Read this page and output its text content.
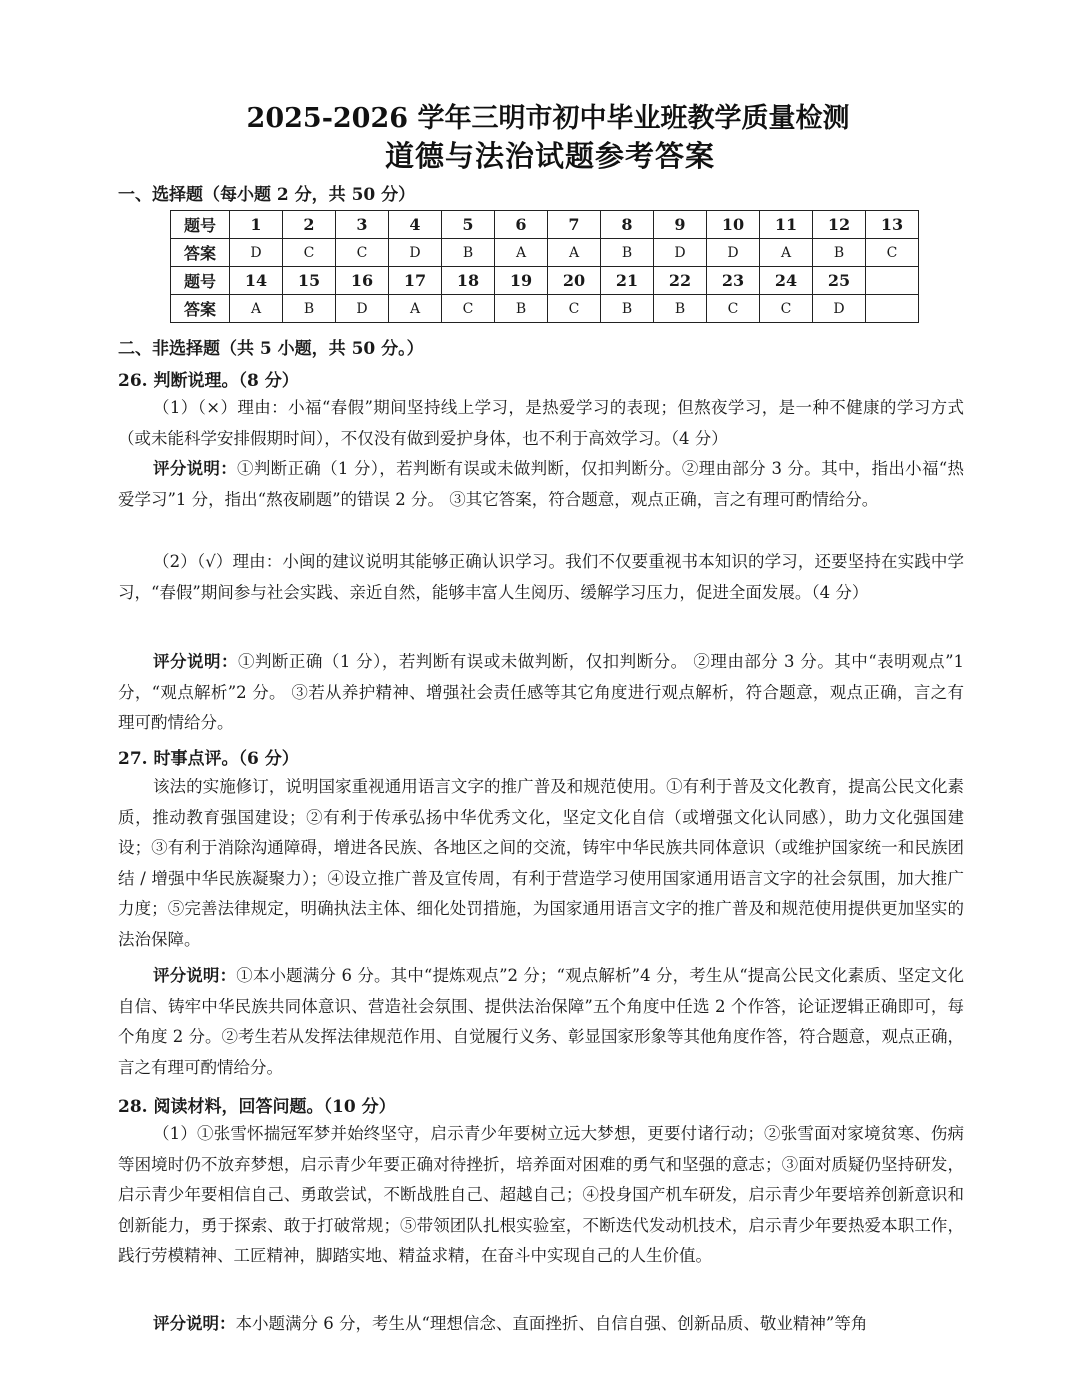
2025-2026 学年三明市初中毕业班教学质量检测
道德与法治试题参考答案
一、选择题（每小题 2 分，共 50 分）
题号	1	2	3	4	5	6	7	8	9	10	11	12	13
答案	D	C	C	D	B	A	A	B	D	D	A	B	C
题号	14	15	16	17	18	19	20	21	22	23	24	25	
答案	A	B	D	A	C	B	C	B	B	C	C	D	
二、非选择题（共 5 小题，共 50 分。）
26. 判断说理。（8 分）

（1）（×）理由：小福“春假”期间坚持线上学习，是热爱学习的表现；但熬夜学习，是一种不健康的学习方式（或未能科学安排假期时间），不仅没有做到爱护身体，也不利于高效学习。（4 分）

评分说明：①判断正确（1 分），若判断有误或未做判断，仅扣判断分。②理由部分 3 分。其中，指出小福“热爱学习”1 分，指出“熬夜刷题”的错误 2 分。 ③其它答案，符合题意，观点正确，言之有理可酌情给分。

（2）（√）理由：小闽的建议说明其能够正确认识学习。我们不仅要重视书本知识的学习，还要坚持在实践中学习，“春假”期间参与社会实践、亲近自然，能够丰富人生阅历、缓解学习压力，促进全面发展。（4 分）

评分说明：①判断正确（1 分），若判断有误或未做判断，仅扣判断分。 ②理由部分 3 分。其中“表明观点”1 分，“观点解析”2 分。 ③若从养护精神、增强社会责任感等其它角度进行观点解析，符合题意，观点正确，言之有理可酌情给分。

27. 时事点评。（6 分）

该法的实施修订，说明国家重视通用语言文字的推广普及和规范使用。①有利于普及文化教育，提高公民文化素质，推动教育强国建设；②有利于传承弘扬中华优秀文化，坚定文化自信（或增强文化认同感），助力文化强国建设；③有利于消除沟通障碍，增进各民族、各地区之间的交流，铸牢中华民族共同体意识（或维护国家统一和民族团结 / 增强中华民族凝聚力）；④设立推广普及宣传周，有利于营造学习使用国家通用语言文字的社会氛围，加大推广力度；⑤完善法律规定，明确执法主体、细化处罚措施，为国家通用语言文字的推广普及和规范使用提供更加坚实的法治保障。

评分说明：①本小题满分 6 分。其中“提炼观点”2 分；“观点解析”4 分，考生从“提高公民文化素质、坚定文化自信、铸牢中华民族共同体意识、营造社会氛围、提供法治保障”五个角度中任选 2 个作答，论证逻辑正确即可，每个角度 2 分。②考生若从发挥法律规范作用、自觉履行义务、彰显国家形象等其他角度作答，符合题意，观点正确，言之有理可酌情给分。

28. 阅读材料，回答问题。（10 分）

（1）①张雪怀揣冠军梦并始终坚守，启示青少年要树立远大梦想，更要付诸行动；②张雪面对家境贫寒、伤病等困境时仍不放弃梦想，启示青少年要正确对待挫折，培养面对困难的勇气和坚强的意志；③面对质疑仍坚持研发，启示青少年要相信自己、勇敢尝试，不断战胜自己、超越自己；④投身国产机车研发，启示青少年要培养创新意识和创新能力，勇于探索、敢于打破常规；⑤带领团队扎根实验室，不断迭代发动机技术，启示青少年要热爱本职工作，践行劳模精神、工匠精神，脚踏实地、精益求精，在奋斗中实现自己的人生价值。

评分说明：本小题满分 6 分，考生从“理想信念、直面挫折、自信自强、创新品质、敬业精神”等角
